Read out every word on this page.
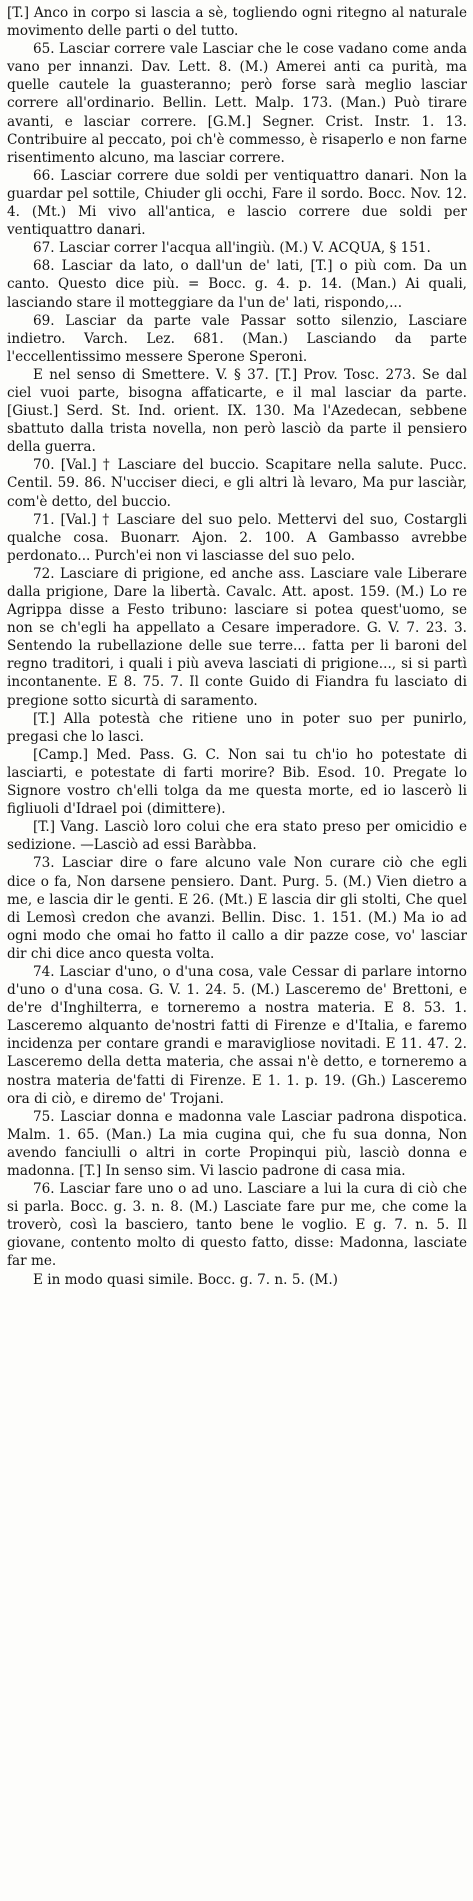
[T.] Anco in corpo si lascia a sè, togliendo ogni ritegno al naturale movimento delle parti o del tutto.

65. Lasciar correre vale Lasciar che le cose vadano come anda vano per innanzi. Dav. Lett. 8. (M.) Amerei anti ca purità, ma quelle cautele la guasteranno; però forse sarà meglio lasciar correre all'ordinario. Bellin. Lett. Malp. 173. (Man.) Può tirare avanti, e lasciar correre. [G.M.] Segner. Crist. Instr. 1. 13. Contribuire al peccato, poi ch'è commesso, è risaperlo e non farne risentimento alcuno, ma lasciar correre.

66. Lasciar correre due soldi per ventiquattro danari. Non la guardar pel sottile, Chiuder gli occhi, Fare il sordo. Bocc. Nov. 12. 4. (Mt.) Mi vivo all'antica, e lascio correre due soldi per ventiquattro danari.

67. Lasciar correr l'acqua all'ingiù. (M.) V. ACQUA, § 151.

68. Lasciar da lato, o dall'un de' lati, [T.] o più com. Da un canto. Questo dice più. = Bocc. g. 4. p. 14. (Man.) Ai quali, lasciando stare il motteggiare da l'un de' lati, rispondo,...

69. Lasciar da parte vale Passar sotto silenzio, Lasciare indietro. Varch. Lez. 681. (Man.) Lasciando da parte l'eccellentissimo messere Sperone Speroni.

E nel senso di Smettere. V. § 37. [T.] Prov. Tosc. 273. Se dal ciel vuoi parte, bisogna affaticarte, e il mal lasciar da parte. [Giust.] Serd. St. Ind. orient. IX. 130. Ma l'Azedecan, sebbene sbattuto dalla trista novella, non però lasciò da parte il pensiero della guerra.

70. [Val.] † Lasciare del buccio. Scapitare nella salute. Pucc. Centil. 59. 86. N'ucciser dieci, e gli altri là levaro, Ma pur lasciàr, com'è detto, del buccio.

71. [Val.] † Lasciare del suo pelo. Mettervi del suo, Costargli qualche cosa. Buonarr. Ajon. 2. 100. A Gambasso avrebbe perdonato... Purch'ei non vi lasciasse del suo pelo.

72. Lasciare di prigione, ed anche ass. Lasciare vale Liberare dalla prigione, Dare la libertà. Cavalc. Att. apost. 159. (M.) Lo re Agrippa disse a Festo tribuno: lasciare si potea quest'uomo, se non se ch'egli ha appellato a Cesare imperadore. G. V. 7. 23. 3. Sentendo la rubellazione delle sue terre... fatta per li baroni del regno traditori, i quali i più aveva lasciati di prigione..., si si partì incontanente. E 8. 75. 7. Il conte Guido di Fiandra fu lasciato di pregione sotto sicurtà di saramento.

[T.] Alla potestà che ritiene uno in poter suo per punirlo, pregasi che lo lasci.

[Camp.] Med. Pass. G. C. Non sai tu ch'io ho potestate di lasciarti, e potestate di farti morire? Bib. Esod. 10. Pregate lo Signore vostro ch'elli tolga da me questa morte, ed io lascerò li figliuoli d'Idrael poi (dimittere).

[T.] Vang. Lasciò loro colui che era stato preso per omicidio e sedizione. —Lasciò ad essi Baràbba.

73. Lasciar dire o fare alcuno vale Non curare ciò che egli dice o fa, Non darsene pensiero. Dant. Purg. 5. (M.) Vien dietro a me, e lascia dir le genti. E 26. (Mt.) E lascia dir gli stolti, Che quel di Lemosì credon che avanzi. Bellin. Disc. 1. 151. (M.) Ma io ad ogni modo che omai ho fatto il callo a dir pazze cose, vo' lasciar dir chi dice anco questa volta.

74. Lasciar d'uno, o d'una cosa, vale Cessar di parlare intorno d'uno o d'una cosa. G. V. 1. 24. 5. (M.) Lasceremo de' Brettoni, e de're d'Inghilterra, e torneremo a nostra materia. E 8. 53. 1. Lasceremo alquanto de'nostri fatti di Firenze e d'Italia, e faremo incidenza per contare grandi e maravigliose novitadi. E 11. 47. 2. Lasceremo della detta materia, che assai n'è detto, e torneremo a nostra materia de'fatti di Firenze. E 1. 1. p. 19. (Gh.) Lasceremo ora di ciò, e diremo de' Trojani.

75. Lasciar donna e madonna vale Lasciar padrona dispotica. Malm. 1. 65. (Man.) La mia cugina qui, che fu sua donna, Non avendo fanciulli o altri in corte Propinqui più, lasciò donna e madonna. [T.] In senso sim. Vi lascio padrone di casa mia.

76. Lasciar fare uno o ad uno. Lasciare a lui la cura di ciò che si parla. Bocc. g. 3. n. 8. (M.) Lasciate fare pur me, che come la troverò, così la basciero, tanto bene le voglio. E g. 7. n. 5. Il giovane, contento molto di questo fatto, disse: Madonna, lasciate far me.

E in modo quasi simile. Bocc. g. 7. n. 5. (M.)
